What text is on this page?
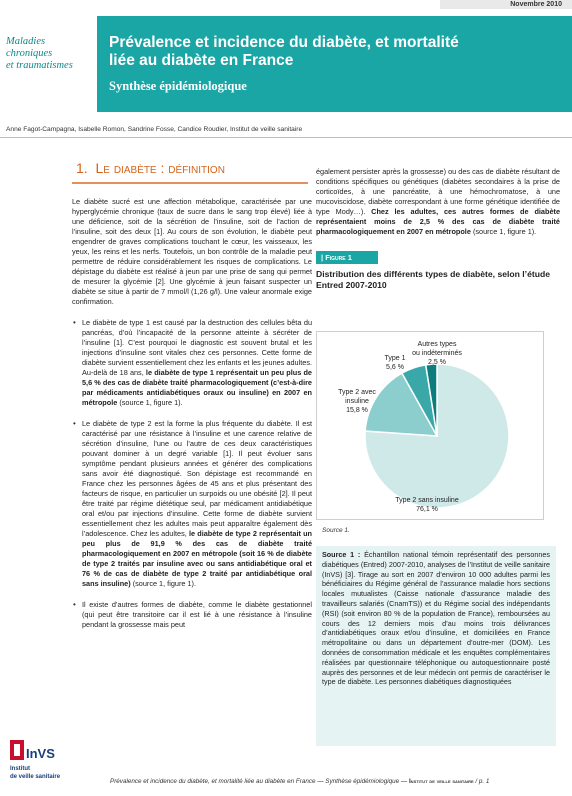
Novembre 2010
Maladies
chroniques
et traumatismes
Prévalence et incidence du diabète, et mortalité
liée au diabète en France
Synthèse épidémiologique
Anne Fagot-Campagna, Isabelle Romon, Sandrine Fosse, Candice Roudier, Institut de veille sanitaire
1. Le diabète : définition

Le diabète sucré est une affection métabolique, caractérisée par une hyperglycémie chronique (taux de sucre dans le sang trop élevé) liée à une déficience, soit de la sécrétion de l’insuline, soit de l’action de l’insuline, soit des deux [1]. Au cours de son évolution, le diabète peut engendrer de graves complications touchant le cœur, les vaisseaux, les yeux, les reins et les nerfs. Toutefois, un bon contrôle de la maladie peut permettre de réduire considérablement les risques de complications. Le dépistage du diabète est réalisé à jeun par une prise de sang qui permet de mesurer la glycémie [2]. Une glycémie à jeun faisant suspecter un diabète se situe à partir de 7 mmol/l (1,26 g/l). Une valeur anormale exige confirmation.

• Le diabète de type 1 est causé par la destruction des cellules bêta du pancréas, d’où l’incapacité de la personne atteinte à sécréter de l’insuline [1]. C’est pourquoi le diagnostic est souvent brutal et les injections d’insuline sont vitales chez ces personnes. Cette forme de diabète survient essentiellement chez les enfants et les jeunes adultes. Au-delà de 18 ans, le diabète de type 1 représentait un peu plus de 5,6 % des cas de diabète traité pharmacologiquement (c’est-à-dire par médicaments antidiabétiques oraux ou insuline) en 2007 en métropole (source 1, figure 1).

• Le diabète de type 2 est la forme la plus fréquente du diabète. Il est caractérisé par une résistance à l’insuline et une carence relative de sécrétion d’insuline, l’une ou l’autre de ces deux caractéristiques pouvant dominer à un degré variable [1]. Il peut évoluer sans symptôme pendant plusieurs années et générer des complications sans avoir été diagnostiqué. Son dépistage est recommandé en France chez les personnes âgées de 45 ans et plus présentant des facteurs de risque, en particulier un surpoids ou une obésité [2]. Il peut être traité par régime diététique seul, par médicament antidiabétique oral et/ou par injections d’insuline. Cette forme de diabète survient essentiellement chez les adultes mais peut apparaître également dès l’adolescence. Chez les adultes, le diabète de type 2 représentait un peu plus de 91,9 % des cas de diabète traité pharmacologiquement en 2007 en métropole (soit 16 % de diabète de type 2 traités par insuline avec ou sans antidiabétique oral et 76 % de cas de diabète de type 2 traité par antidiabétique oral sans insuline) (source 1, figure 1).

• Il existe d’autres formes de diabète, comme le diabète gestationnel (qui peut être transitoire car il est lié à une résistance à l’insuline pendant la grossesse mais peut

également persister après la grossesse) ou des cas de diabète résultant de conditions spécifiques ou génétiques (diabètes secondaires à la prise de corticoïdes, à une pancréatite, à une hémochromatose, à une mucoviscidose, diabète correspondant à une forme génétique identifiée de type Mody…). Chez les adultes, ces autres formes de diabète représentaient moins de 2,5 % des cas de diabète traité pharmacologiquement en 2007 en métropole (source 1, figure 1).

| Figure 1
Distribution des différents types de diabète, selon l’étude Entred 2007-2010
Type 2 sans insuline
76,1 %
Type 2 avec
insuline
15,8 %
Type 1
5,6 %
Autres types
ou indéterminés
2,5 %
Source 1.

Source 1 : Échantillon national témoin représentatif des personnes diabétiques (Entred) 2007-2010, analyses de l’Institut de veille sanitaire (InVS) [3]. Tirage au sort en 2007 d’environ 10 000 adultes parmi les bénéficiaires du Régime général de l’assurance maladie hors sections locales mutualistes (Caisse nationale d’assurance maladie des travailleurs salariés (CnamTS)) et du Régime social des indépendants (RSI) (soit environ 80 % de la population de France), remboursées au cours des 12 derniers mois d’au moins trois délivrances d’antidiabétiques oraux et/ou d’insuline, et domiciliées en France métropolitaine ou dans un département d’outre-mer (DOM). Les données de consommation médicale et les enquêtes complémentaires réalisées par questionnaire téléphonique ou autoquestionnaire posté auprès des personnes et de leur médecin ont permis de caractériser le type de diabète. Les personnes diabétiques diagnostiquées

InVS
Institut
de veille sanitaire
Prévalence et incidence du diabète, et mortalité liée au diabète en France — Synthèse épidémiologique — Institut de veille sanitaire / p. 1
